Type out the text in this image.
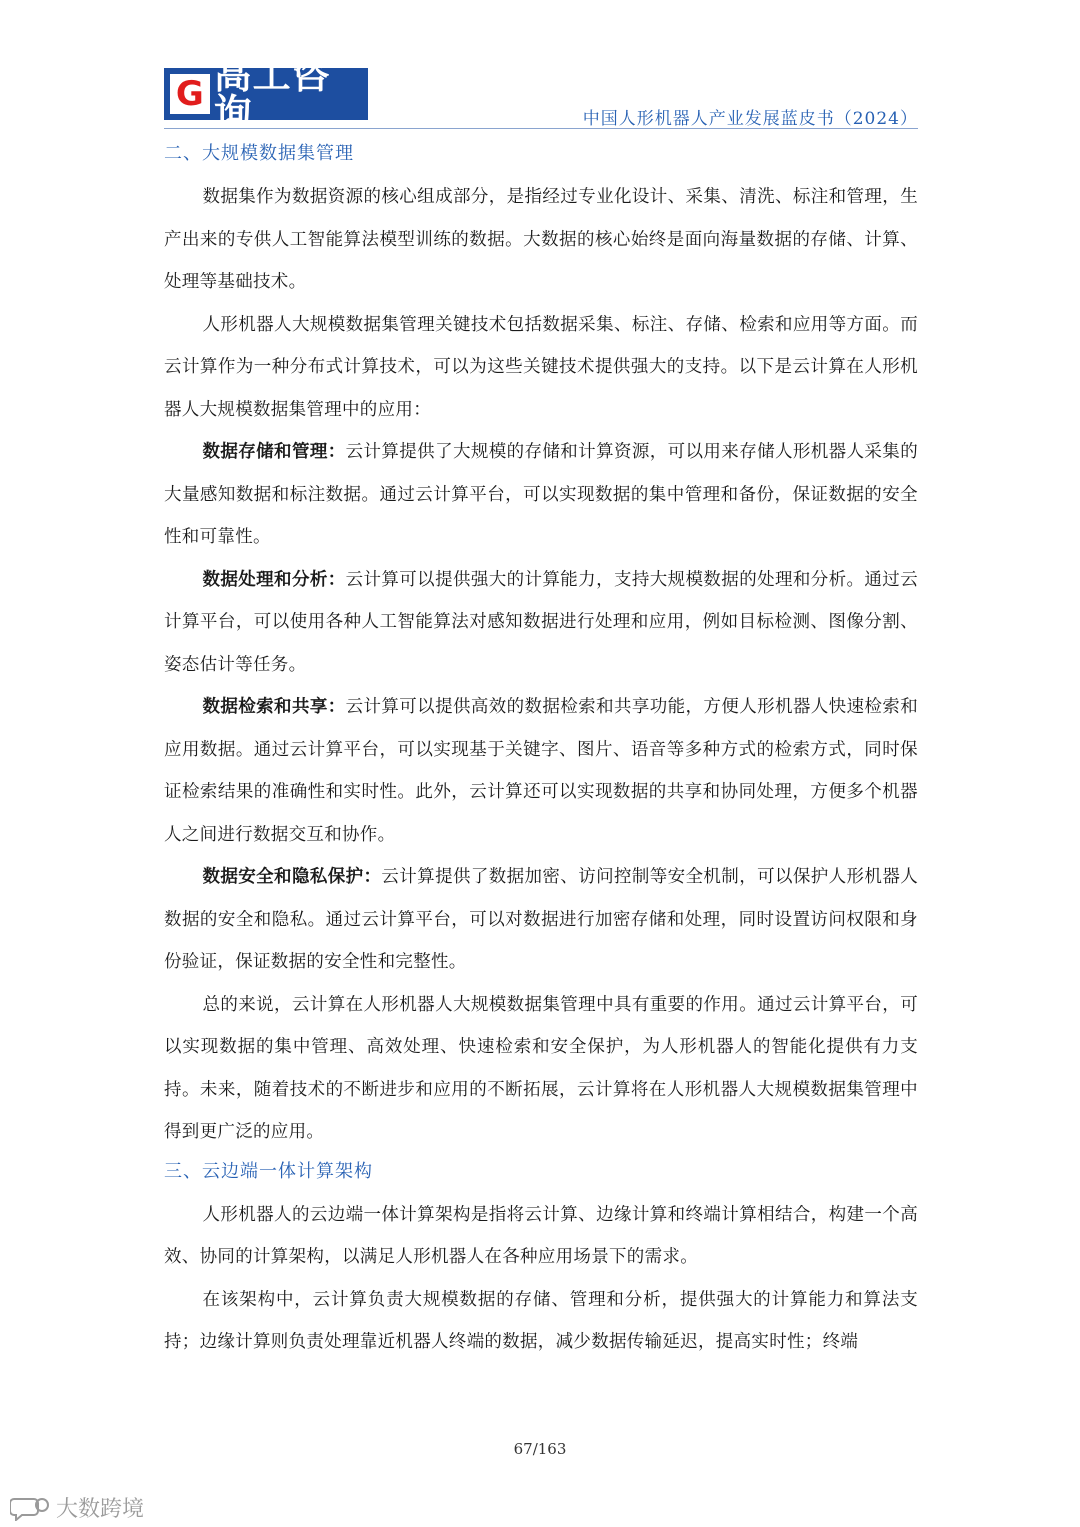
G 高工咨询	中国人形机器人产业发展蓝皮书（2024）
二、大规模数据集管理

数据集作为数据资源的核心组成部分，是指经过专业化设计、采集、清洗、标注和管理，生产出来的专供人工智能算法模型训练的数据。大数据的核心始终是面向海量数据的存储、计算、处理等基础技术。

人形机器人大规模数据集管理关键技术包括数据采集、标注、存储、检索和应用等方面。而云计算作为一种分布式计算技术，可以为这些关键技术提供强大的支持。以下是云计算在人形机器人大规模数据集管理中的应用：

数据存储和管理：云计算提供了大规模的存储和计算资源，可以用来存储人形机器人采集的大量感知数据和标注数据。通过云计算平台，可以实现数据的集中管理和备份，保证数据的安全性和可靠性。

数据处理和分析：云计算可以提供强大的计算能力，支持大规模数据的处理和分析。通过云计算平台，可以使用各种人工智能算法对感知数据进行处理和应用，例如目标检测、图像分割、姿态估计等任务。

数据检索和共享：云计算可以提供高效的数据检索和共享功能，方便人形机器人快速检索和应用数据。通过云计算平台，可以实现基于关键字、图片、语音等多种方式的检索方式，同时保证检索结果的准确性和实时性。此外，云计算还可以实现数据的共享和协同处理，方便多个机器人之间进行数据交互和协作。

数据安全和隐私保护：云计算提供了数据加密、访问控制等安全机制，可以保护人形机器人数据的安全和隐私。通过云计算平台，可以对数据进行加密存储和处理，同时设置访问权限和身份验证，保证数据的安全性和完整性。

总的来说，云计算在人形机器人大规模数据集管理中具有重要的作用。通过云计算平台，可以实现数据的集中管理、高效处理、快速检索和安全保护，为人形机器人的智能化提供有力支持。未来，随着技术的不断进步和应用的不断拓展，云计算将在人形机器人大规模数据集管理中得到更广泛的应用。

三、云边端一体计算架构

人形机器人的云边端一体计算架构是指将云计算、边缘计算和终端计算相结合，构建一个高效、协同的计算架构，以满足人形机器人在各种应用场景下的需求。

在该架构中，云计算负责大规模数据的存储、管理和分析，提供强大的计算能力和算法支持；边缘计算则负责处理靠近机器人终端的数据，减少数据传输延迟，提高实时性；终端

67/163
大数跨境
